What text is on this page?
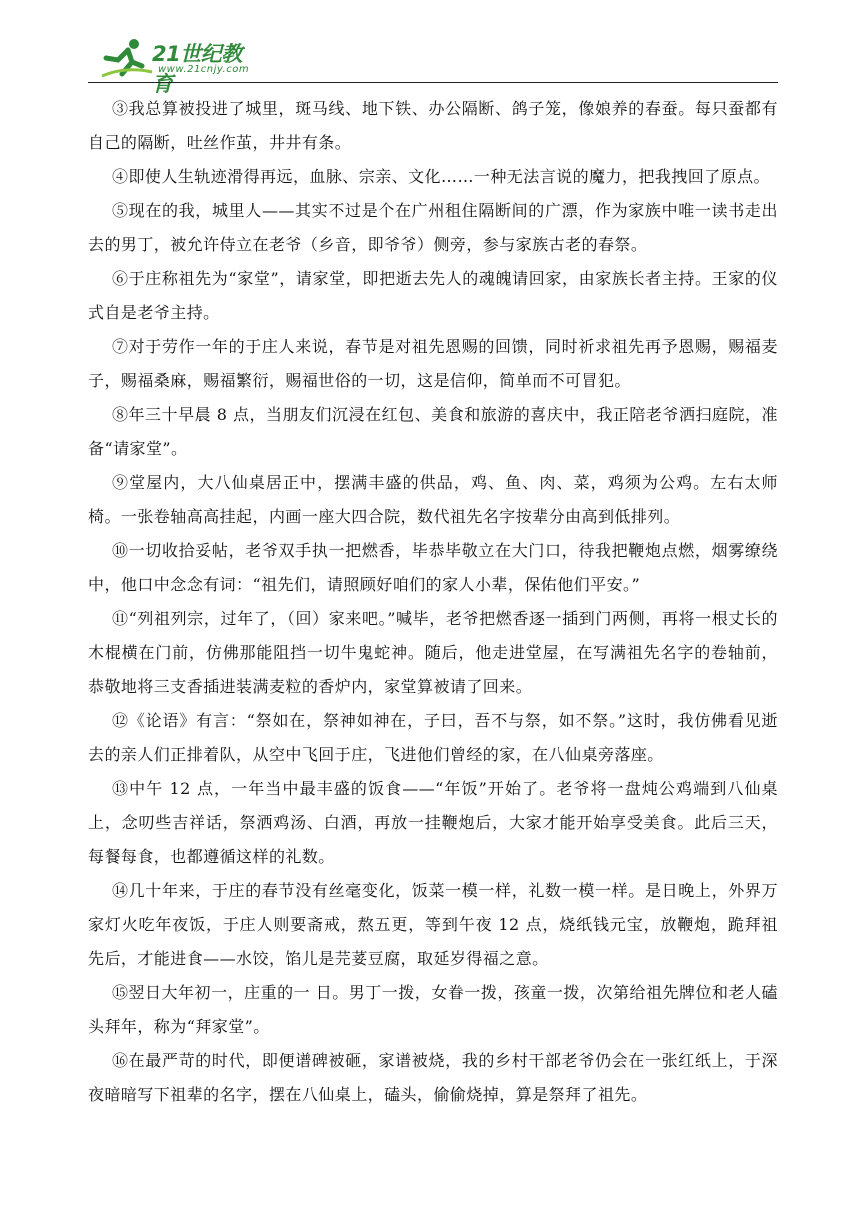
21世纪教育
www.21cnjy.com

③我总算被投进了城里，斑马线、地下铁、办公隔断、鸽子笼，像娘养的春蚕。每只蚕都有自己的隔断，吐丝作茧，井井有条。

④即使人生轨迹滑得再远，血脉、宗亲、文化……一种无法言说的魔力，把我拽回了原点。

⑤现在的我，城里人——其实不过是个在广州租住隔断间的广漂，作为家族中唯一读书走出去的男丁，被允许侍立在老爷（乡音，即爷爷）侧旁，参与家族古老的春祭。

⑥于庄称祖先为“家堂”，请家堂，即把逝去先人的魂魄请回家，由家族长者主持。王家的仪式自是老爷主持。

⑦对于劳作一年的于庄人来说，春节是对祖先恩赐的回馈，同时祈求祖先再予恩赐，赐福麦子，赐福桑麻，赐福繁衍，赐福世俗的一切，这是信仰，简单而不可冒犯。

⑧年三十早晨 8 点，当朋友们沉浸在红包、美食和旅游的喜庆中，我正陪老爷洒扫庭院，准备“请家堂”。

⑨堂屋内，大八仙桌居正中，摆满丰盛的供品，鸡、鱼、肉、菜，鸡须为公鸡。左右太师椅。一张卷轴高高挂起，内画一座大四合院，数代祖先名字按辈分由高到低排列。

⑩一切收拾妥帖，老爷双手执一把燃香，毕恭毕敬立在大门口，待我把鞭炮点燃，烟雾缭绕中，他口中念念有词：“祖先们，请照顾好咱们的家人小辈，保佑他们平安。”

⑪“列祖列宗，过年了，（回）家来吧。”喊毕，老爷把燃香逐一插到门两侧，再将一根丈长的木棍横在门前，仿佛那能阻挡一切牛鬼蛇神。随后，他走进堂屋，在写满祖先名字的卷轴前，恭敬地将三支香插进装满麦粒的香炉内，家堂算被请了回来。

⑫《论语》有言：“祭如在，祭神如神在，子曰，吾不与祭，如不祭。”这时，我仿佛看见逝去的亲人们正排着队，从空中飞回于庄，飞进他们曾经的家，在八仙桌旁落座。

⑬中午 12 点，一年当中最丰盛的饭食——“年饭”开始了。老爷将一盘炖公鸡端到八仙桌上，念叨些吉祥话，祭洒鸡汤、白酒，再放一挂鞭炮后，大家才能开始享受美食。此后三天，每餐每食，也都遵循这样的礼数。

⑭几十年来，于庄的春节没有丝毫变化，饭菜一模一样，礼数一模一样。是日晚上，外界万家灯火吃年夜饭，于庄人则要斋戒，熬五更，等到午夜 12 点，烧纸钱元宝，放鞭炮，跪拜祖先后，才能进食——水饺，馅儿是芫荽豆腐，取延岁得福之意。

⑮翌日大年初一，庄重的一 日。男丁一拨，女眷一拨，孩童一拨，次第给祖先牌位和老人磕头拜年，称为“拜家堂”。

⑯在最严苛的时代，即便谱碑被砸，家谱被烧，我的乡村干部老爷仍会在一张红纸上，于深夜暗暗写下祖辈的名字，摆在八仙桌上，磕头，偷偷烧掉，算是祭拜了祖先。
